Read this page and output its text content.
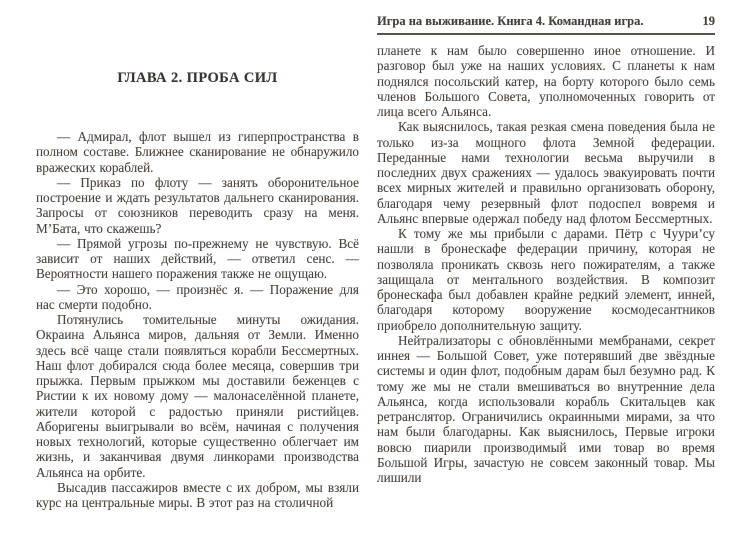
ГЛАВА 2. ПРОБА СИЛ

— Адмирал, флот вышел из гиперпространства в полном составе. Ближнее сканирование не обнаружило вражеских кораблей.

— Приказ по флоту — занять оборонительное построение и ждать результатов дальнего сканирования. Запросы от союзников переводить сразу на меня. М’Бата, что скажешь?

— Прямой угрозы по-прежнему не чувствую. Всё зависит от наших действий, — ответил сенс. — Вероятности нашего поражения также не ощущаю.

— Это хорошо, — произнёс я. — Поражение для нас смерти подобно.

Потянулись томительные минуты ожидания. Окраина Альянса миров, дальняя от Земли. Именно здесь всё чаще стали появляться корабли Бессмертных. Наш флот добирался сюда более месяца, совершив три прыжка. Первым прыжком мы доставили беженцев с Ристии к их новому дому — малонаселённой планете, жители которой с радостью приняли ристийцев. Аборигены выигрывали во всём, начиная с получения новых технологий, которые существенно облегчает им жизнь, и заканчивая двумя линкорами производства Альянса на орбите.

Высадив пассажиров вместе с их добром, мы взяли курс на центральные миры. В этот раз на столичной

Игра на выживание. Книга 4. Командная игра.	19

планете к нам было совершенно иное отношение. И разговор был уже на наших условиях. С планеты к нам поднялся посольский катер, на борту которого было семь членов Большого Совета, уполномоченных говорить от лица всего Альянса.

Как выяснилось, такая резкая смена поведения была не только из-за мощного флота Земной федерации. Переданные нами технологии весьма выручили в последних двух сражениях — удалось эвакуировать почти всех мирных жителей и правильно организовать оборону, благодаря чему резервный флот подоспел вовремя и Альянс впервые одержал победу над флотом Бессмертных.

К тому же мы прибыли с дарами. Пётр с Чуури’су нашли в бронескафе федерации причину, которая не позволяла проникать сквозь него пожирателям, а также защищала от ментального воздействия. В композит бронескафа был добавлен крайне редкий элемент, инней, благодаря которому вооружение космодесантников приобрело дополнительную защиту.

Нейтрализаторы с обновлёнными мембранами, секрет иннея — Большой Совет, уже потерявший две звёздные системы и один флот, подобным дарам был безумно рад. К тому же мы не стали вмешиваться во внутренние дела Альянса, когда использовали корабль Скитальцев как ретранслятор. Ограничились окраинными мирами, за что нам были благодарны. Как выяснилось, Первые игроки вовсю пиарили производимый ими товар во время Большой Игры, зачастую не совсем законный товар. Мы лишили
